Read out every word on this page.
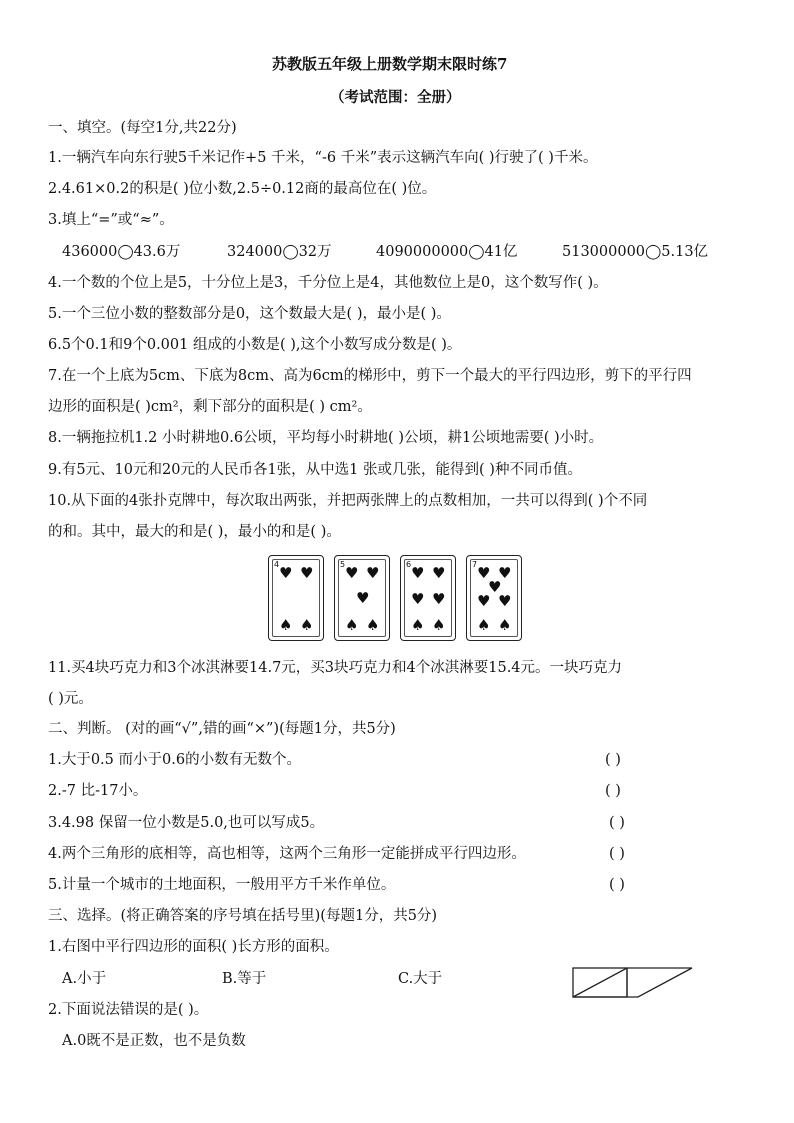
苏教版五年级上册数学期末限时练7
（考试范围：全册）
一、填空。(每空1分,共22分)
1.一辆汽车向东行驶5千米记作+5 千米，“-6 千米”表示这辆汽车向( )行驶了( )千米。
2.4.61×0.2的积是( )位小数,2.5÷0.12商的最高位在( )位。
3.填上“=”或“≈”。
436000◯43.6万	324000◯32万	4090000000◯41亿	513000000◯5.13亿
4.一个数的个位上是5，十分位上是3，千分位上是4，其他数位上是0，这个数写作( )。
5.一个三位小数的整数部分是0，这个数最大是( )，最小是( )。
6.5个0.1和9个0.001 组成的小数是( ),这个小数写成分数是( )。
7.在一个上底为5cm、下底为8cm、高为6cm的梯形中，剪下一个最大的平行四边形，剪下的平行四
边形的面积是( )cm²，剩下部分的面积是( ) cm²。
8.一辆拖拉机1.2 小时耕地0.6公顷，平均每小时耕地( )公顷，耕1公顷地需要( )小时。
9.有5元、10元和20元的人民币各1张，从中选1 张或几张，能得到( )种不同币值。
10.从下面的4张扑克牌中，每次取出两张，并把两张牌上的点数相加，一共可以得到( )个不同
的和。其中，最大的和是( )，最小的和是( )。
4 ♥ ♥
♠ ♠
5 ♥ ♥
♥
♠ ♠
6 ♥ ♥
♥ ♥
♠ ♠
7 ♥ ♥
♥
♥ ♥
♠ ♠
11.买4块巧克力和3个冰淇淋要14.7元，买3块巧克力和4个冰淇淋要15.4元。一块巧克力
( )元。
二、判断。 (对的画“√”,错的画“×”)(每题1分，共5分)
1.大于0.5 而小于0.6的小数有无数个。	( )
2.-7 比-17小。	( )
3.4.98 保留一位小数是5.0,也可以写成5。	( )
4.两个三角形的底相等，高也相等，这两个三角形一定能拼成平行四边形。	( )
5.计量一个城市的土地面积，一般用平方千米作单位。	( )
三、选择。(将正确答案的序号填在括号里)(每题1分，共5分)
1.右图中平行四边形的面积( )长方形的面积。
A.小于	B.等于	C.大于
2.下面说法错误的是( )。
A.0既不是正数，也不是负数
